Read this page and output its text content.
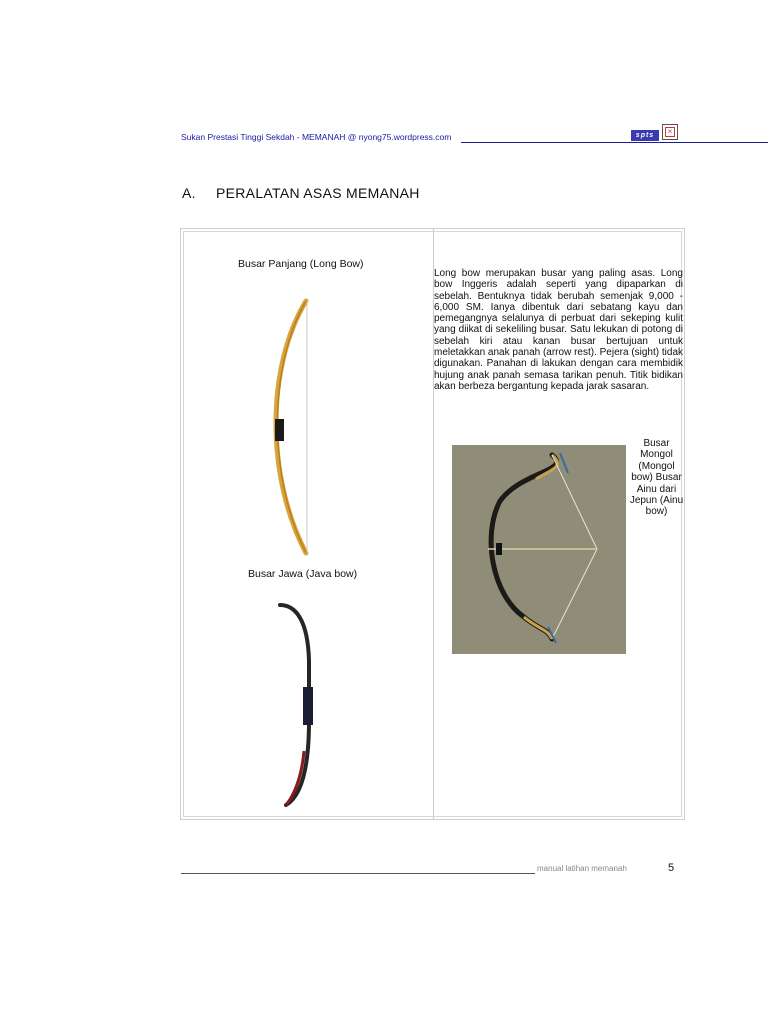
Sukan Prestasi Tinggi Sekdah - MEMANAH @ nyong75.wordpress.com	spts	×
A. PERALATAN ASAS MEMANAH
Busar Panjang (Long Bow)
Busar Jawa (Java bow)

Long bow merupakan busar yang paling asas. Long bow Inggeris adalah seperti yang dipaparkan di sebelah. Bentuknya tidak berubah semenjak 9,000 - 6,000 SM. Ianya dibentuk dari sebatang kayu dan pemegangnya selalunya di perbuat dari sekeping kulit yang diikat di sekeliling busar. Satu lekukan di potong di sebelah kiri atau kanan busar bertujuan untuk meletakkan anak panah (arrow rest). Pejera (sight) tidak digunakan. Panahan di lakukan dengan cara membidik hujung anak panah semasa tarikan penuh. Titik bidikan akan berbeza bergantung kepada jarak sasaran.

Busar Mongol (Mongol bow) Busar Ainu dari Jepun (Ainu bow)
manual latihan memanah	5
